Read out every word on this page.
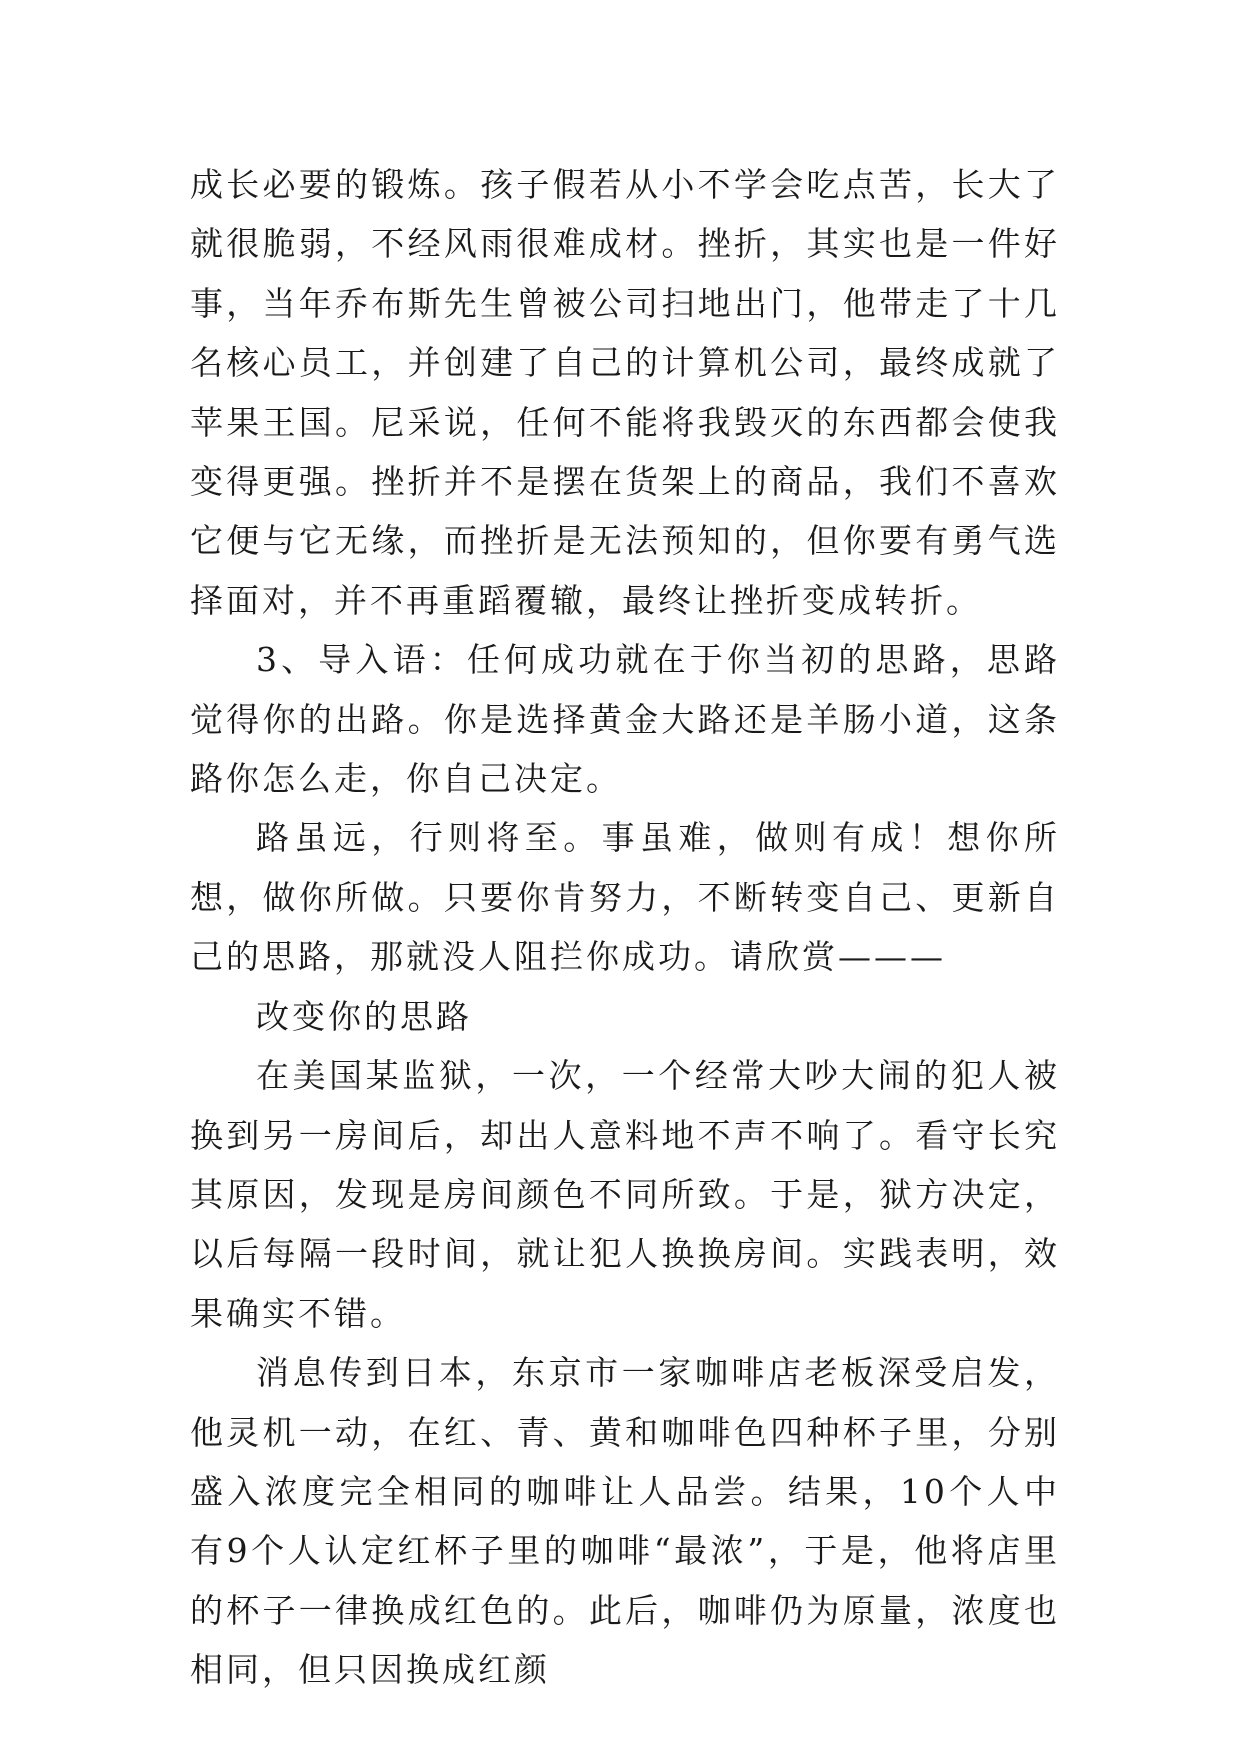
成长必要的锻炼。孩子假若从小不学会吃点苦，长大了就很脆弱，不经风雨很难成材。挫折，其实也是一件好事，当年乔布斯先生曾被公司扫地出门，他带走了十几名核心员工，并创建了自己的计算机公司，最终成就了苹果王国。尼采说，任何不能将我毁灭的东西都会使我变得更强。挫折并不是摆在货架上的商品，我们不喜欢它便与它无缘，而挫折是无法预知的，但你要有勇气选择面对，并不再重蹈覆辙，最终让挫折变成转折。

3、导入语：任何成功就在于你当初的思路，思路觉得你的出路。你是选择黄金大路还是羊肠小道，这条路你怎么走，你自己决定。

路虽远，行则将至。事虽难，做则有成！想你所想，做你所做。只要你肯努力，不断转变自己、更新自己的思路，那就没人阻拦你成功。请欣赏———

改变你的思路

在美国某监狱，一次，一个经常大吵大闹的犯人被换到另一房间后，却出人意料地不声不响了。看守长究其原因，发现是房间颜色不同所致。于是，狱方决定，以后每隔一段时间，就让犯人换换房间。实践表明，效果确实不错。

消息传到日本，东京市一家咖啡店老板深受启发，他灵机一动，在红、青、黄和咖啡色四种杯子里，分别盛入浓度完全相同的咖啡让人品尝。结果，10个人中有9个人认定红杯子里的咖啡“最浓”，于是，他将店里的杯子一律换成红色的。此后，咖啡仍为原量，浓度也相同，但只因换成红颜
